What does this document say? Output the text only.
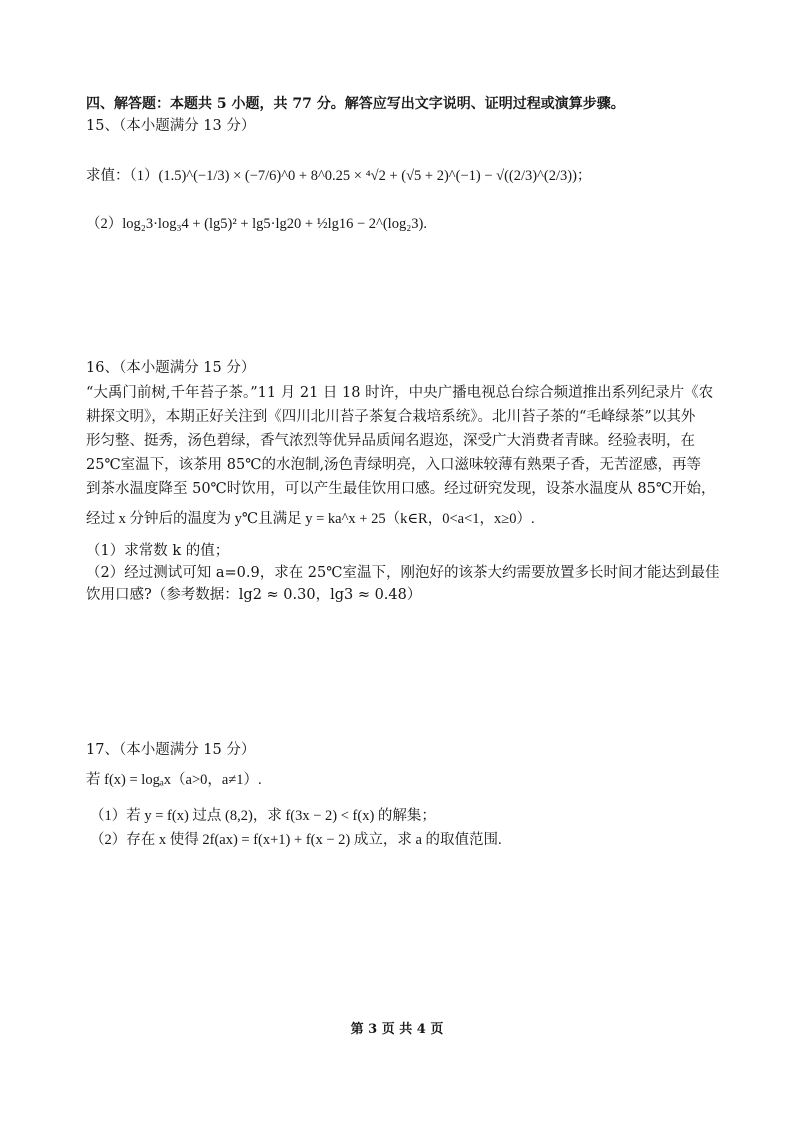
四、解答题：本题共 5 小题，共 77 分。解答应写出文字说明、证明过程或演算步骤。
15、（本小题满分 13 分）
求值：（1）(1.5)^(−1/3) × (−7/6)^0 + 8^0.25 × ⁴√2 + (√5 + 2)^(−1) − √((2/3)^(2/3))；
（2）log₂3·log₃4 + (lg5)² + lg5·lg20 + ½lg16 − 2^(log₂3).
16、（本小题满分 15 分）
“大禹门前树,千年苔子茶。”11 月 21 日 18 时许，中央广播电视总台综合频道推出系列纪录片《农
耕探文明》，本期正好关注到《四川北川苔子茶复合栽培系统》。北川苔子茶的“毛峰绿茶”以其外
形匀整、挺秀，汤色碧绿，香气浓烈等优异品质闻名遐迩，深受广大消费者青睐。经验表明，在
25℃室温下，该茶用 85℃的水泡制,汤色青绿明亮，入口滋味较薄有熟栗子香，无苦涩感，再等
到茶水温度降至 50℃时饮用，可以产生最佳饮用口感。经过研究发现，设茶水温度从 85℃开始，
经过 x 分钟后的温度为 y℃且满足 y = ka^x + 25（k∈R，0<a<1，x≥0）.
（1）求常数 k 的值；
（2）经过测试可知 a=0.9，求在 25℃室温下，刚泡好的该茶大约需要放置多长时间才能达到最佳
饮用口感?（参考数据：lg2 ≈ 0.30，lg3 ≈ 0.48）
17、（本小题满分 15 分）
若 f(x) = logₐx（a>0，a≠1）.
（1）若 y = f(x) 过点 (8,2)，求 f(3x − 2) < f(x) 的解集；
（2）存在 x 使得 2f(ax) = f(x+1) + f(x − 2) 成立，求 a 的取值范围.
第 3 页 共 4 页
